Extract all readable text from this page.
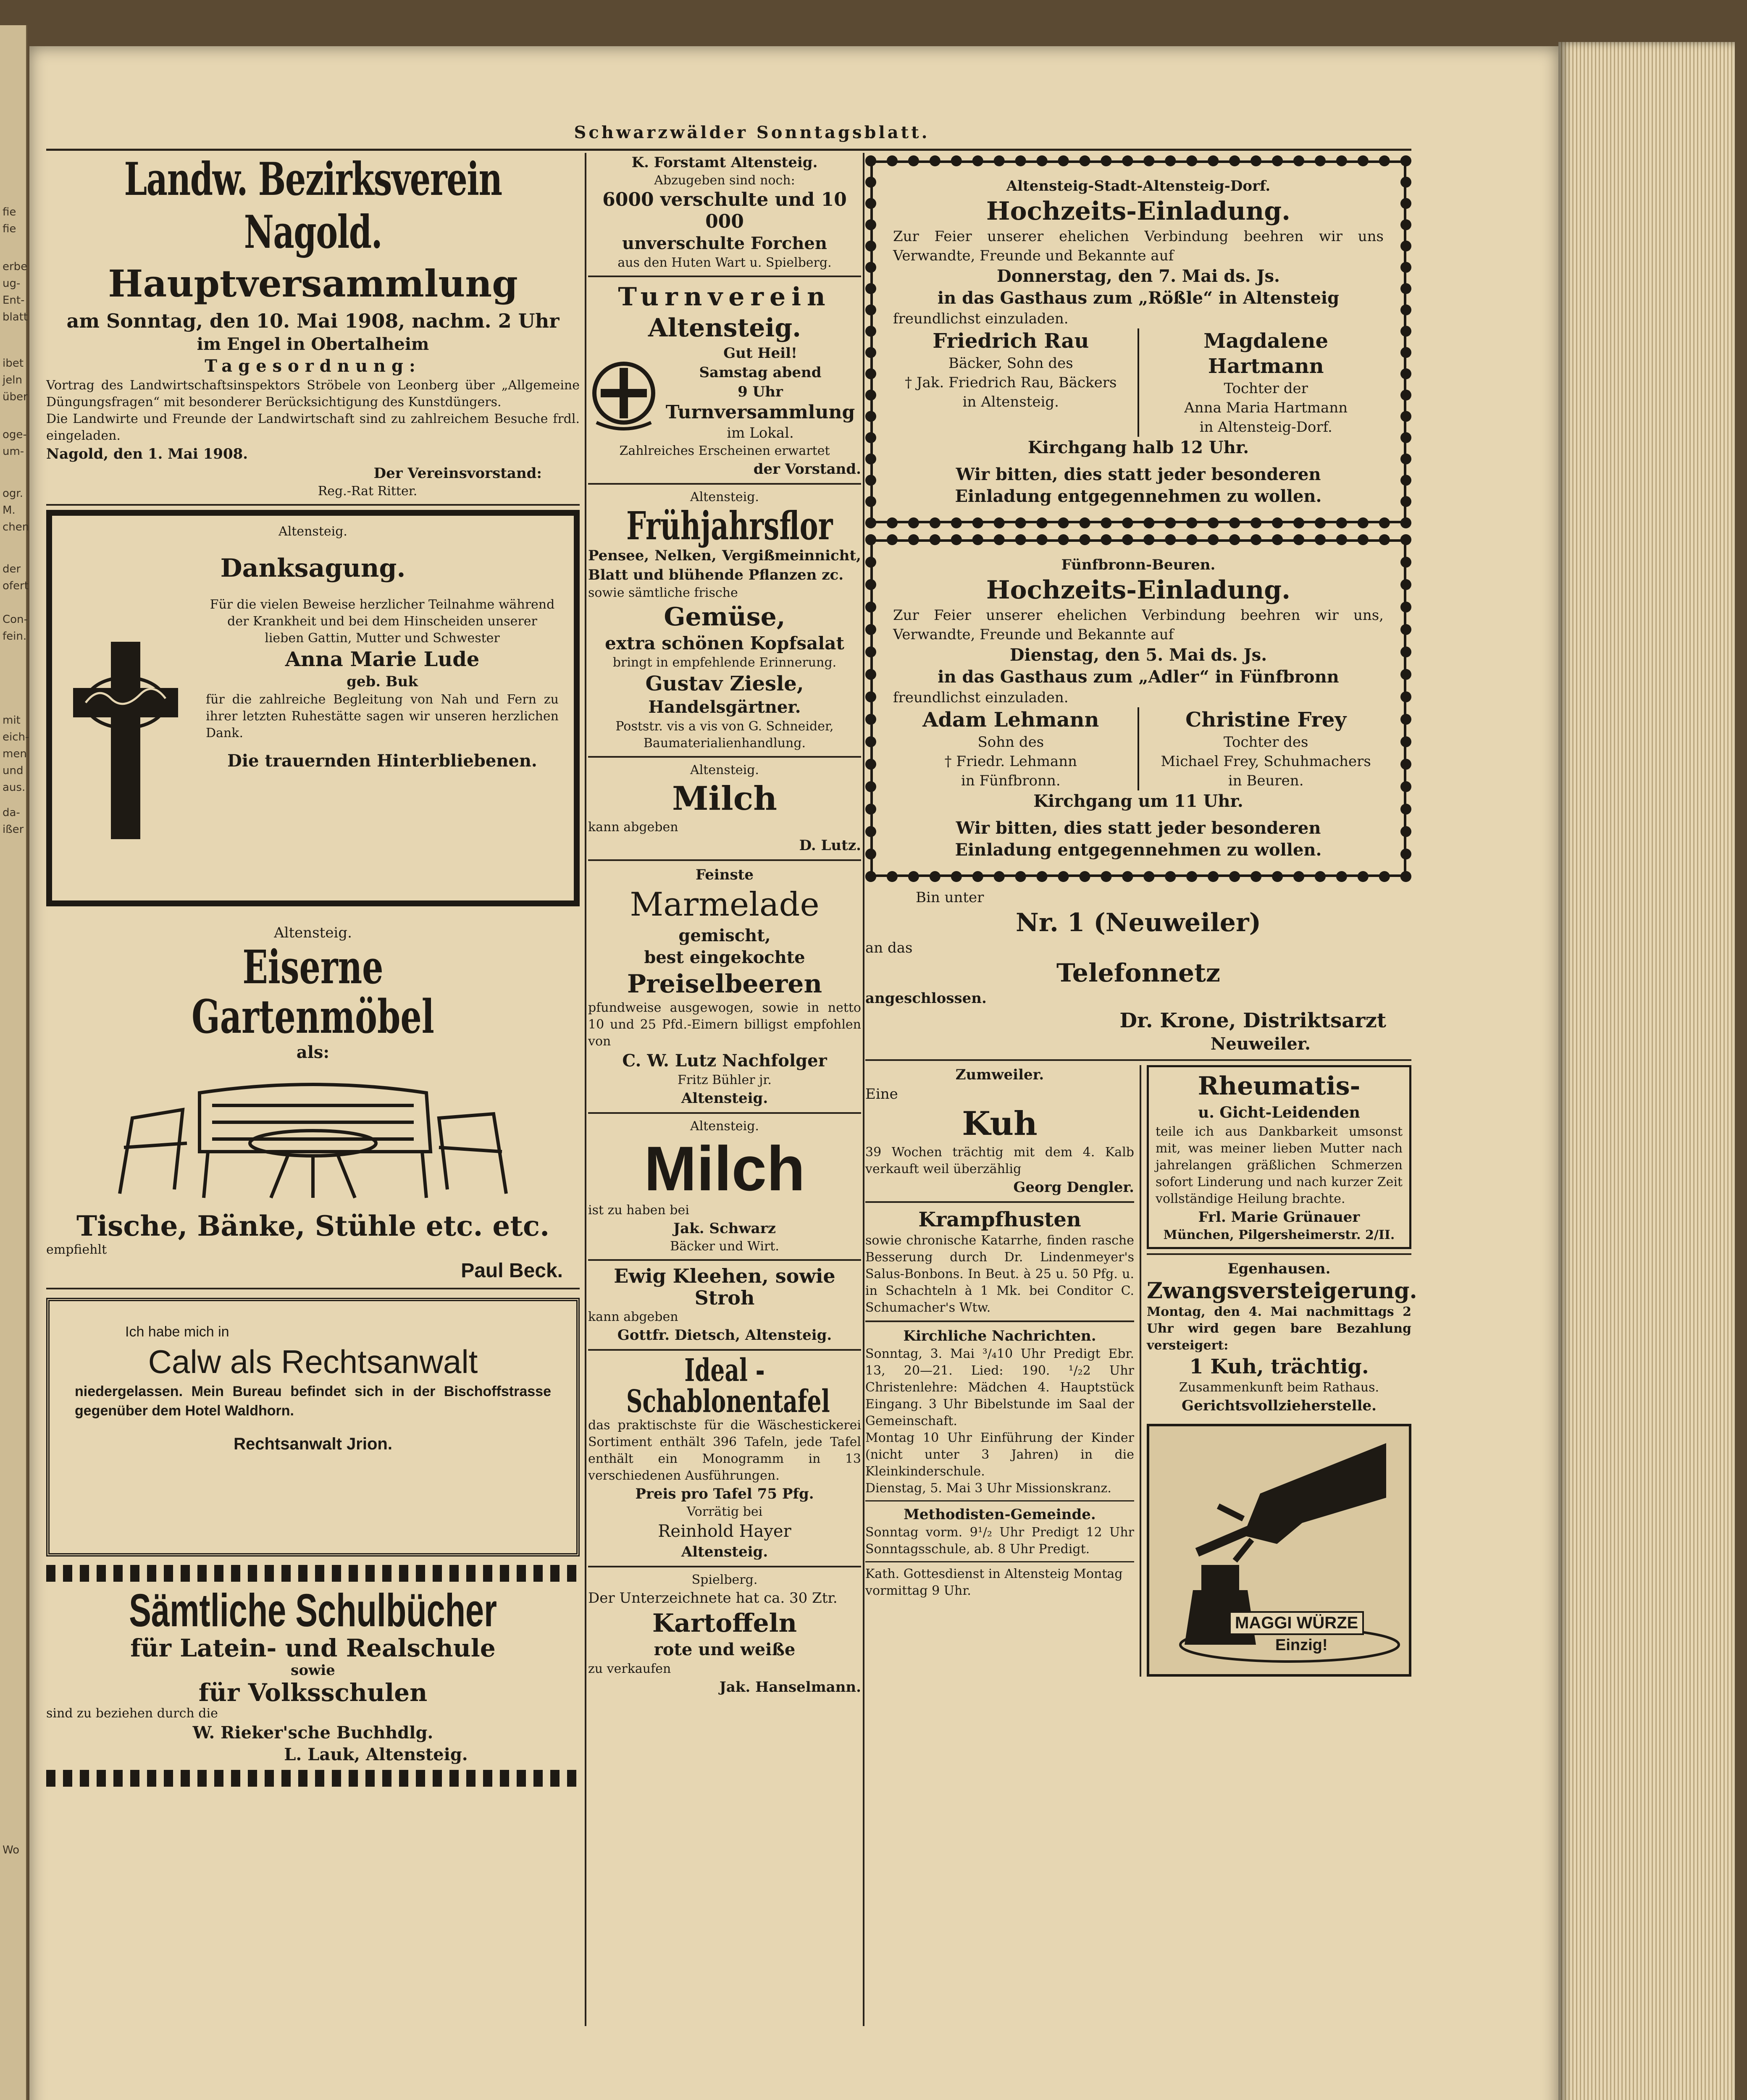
fie
fie
erbe
ug-
Ent-
blatt
ibet
jeln
über
oge-
um-
ogr.
M.
chen
der
ofert
Con-
fein.
mit
eich-
men
und
aus.
da-
ißer
Wo
Schwarzwälder Sonntagsblatt.
Landw. Bezirksverein Nagold.
Hauptversammlung
am Sonntag, den 10. Mai 1908, nachm. 2 Uhr
im Engel in Obertalheim
Tagesordnung:
Vortrag des Landwirtschaftsinspektors Ströbele von Leonberg über „Allgemeine Düngungsfragen“ mit besonderer Berücksichtigung des Kunstdüngers.
Die Landwirte und Freunde der Landwirtschaft sind zu zahlreichem Besuche frdl. eingeladen.
Nagold, den 1. Mai 1908.
Der Vereinsvorstand:
Reg.-Rat Ritter.
Altensteig.
Danksagung.
Für die vielen Beweise herzlicher Teilnahme während der Krankheit und bei dem Hinscheiden unserer lieben Gattin, Mutter und Schwester
Anna Marie Lude
geb. Buk
für die zahlreiche Begleitung von Nah und Fern zu ihrer letzten Ruhestätte sagen wir unseren herzlichen Dank.
Die trauernden Hinterbliebenen.
Altensteig.
Eiserne Gartenmöbel
als:
Tische, Bänke, Stühle etc. etc.
empfiehlt
Paul Beck.
Ich habe mich in
Calw als Rechtsanwalt
niedergelassen. Mein Bureau befindet sich in der Bischoffstrasse gegenüber dem Hotel Waldhorn.
Rechtsanwalt Jrion.
Sämtliche Schulbücher
für Latein- und Realschule
sowie
für Volksschulen
sind zu beziehen durch die
W. Rieker'sche Buchhdlg.
L. Lauk, Altensteig.
K. Forstamt Altensteig.
Abzugeben sind noch:
6000 verschulte und 10 000
unverschulte Forchen
aus den Huten Wart u. Spielberg.
Turnverein
Altensteig.
Gut Heil!
Samstag abend
9 Uhr
Turnversammlung
im Lokal.
Zahlreiches Erscheinen erwartet
der Vorstand.
Altensteig.
Frühjahrsflor
Pensee, Nelken, Vergißmeinnicht, Blatt und blühende Pflanzen zc.
sowie sämtliche frische
Gemüse,
extra schönen Kopfsalat
bringt in empfehlende Erinnerung.
Gustav Ziesle,
Handelsgärtner.
Poststr. vis a vis von G. Schneider,
Baumaterialienhandlung.
Altensteig.
Milch
kann abgeben
D. Lutz.
Feinste
Marmelade
gemischt,
best eingekochte
Preiselbeeren
pfundweise ausgewogen, sowie in netto 10 und 25 Pfd.-Eimern billigst empfohlen von
C. W. Lutz Nachfolger
Fritz Bühler jr.
Altensteig.
Altensteig.
Milch
ist zu haben bei
Jak. Schwarz
Bäcker und Wirt.
Ewig Kleehen, sowie
Stroh
kann abgeben
Gottfr. Dietsch, Altensteig.
Ideal - Schablonentafel
das praktischste für die Wäschestickerei Sortiment enthält 396 Tafeln, jede Tafel enthält ein Monogramm in 13 verschiedenen Ausführungen.
Preis pro Tafel 75 Pfg.
Vorrätig bei
Reinhold Hayer
Altensteig.
Spielberg.
Der Unterzeichnete hat ca. 30 Ztr.
Kartoffeln
rote und weiße
zu verkaufen
Jak. Hanselmann.
Altensteig-Stadt-Altensteig-Dorf.
Hochzeits-Einladung.
Zur Feier unserer ehelichen Verbindung beehren wir uns Verwandte, Freunde und Bekannte auf
Donnerstag, den 7. Mai ds. Js.
in das Gasthaus zum „Rößle“ in Altensteig
freundlichst einzuladen.
Friedrich Rau
Bäcker, Sohn des
† Jak. Friedrich Rau, Bäckers
in Altensteig.
Magdalene Hartmann
Tochter der
Anna Maria Hartmann
in Altensteig-Dorf.
Kirchgang halb 12 Uhr.
Wir bitten, dies statt jeder besonderen
Einladung entgegennehmen zu wollen.
Fünfbronn-Beuren.
Hochzeits-Einladung.
Zur Feier unserer ehelichen Verbindung beehren wir uns, Verwandte, Freunde und Bekannte auf
Dienstag, den 5. Mai ds. Js.
in das Gasthaus zum „Adler“ in Fünfbronn
freundlichst einzuladen.
Adam Lehmann
Sohn des
† Friedr. Lehmann
in Fünfbronn.
Christine Frey
Tochter des
Michael Frey, Schuhmachers
in Beuren.
Kirchgang um 11 Uhr.
Wir bitten, dies statt jeder besonderen
Einladung entgegennehmen zu wollen.
Bin unter
Nr. 1 (Neuweiler)
an das
Telefonnetz
angeschlossen.
Dr. Krone, Distriktsarzt
Neuweiler.
Zumweiler.
Eine
Kuh
39 Wochen trächtig mit dem 4. Kalb verkauft weil überzählig
Georg Dengler.
Krampfhusten
sowie chronische Katarrhe, finden rasche Besserung durch Dr. Lindenmeyer's Salus-Bonbons. In Beut. à 25 u. 50 Pfg. u. in Schachteln à 1 Mk. bei Conditor C. Schumacher's Wtw.
Kirchliche Nachrichten.
Sonntag, 3. Mai ³/₄10 Uhr Predigt Ebr. 13, 20—21. Lied: 190. ¹/₂2 Uhr Christenlehre: Mädchen 4. Hauptstück Eingang. 3 Uhr Bibelstunde im Saal der Gemeinschaft.
Montag 10 Uhr Einführung der Kinder (nicht unter 3 Jahren) in die Kleinkinderschule.
Dienstag, 5. Mai 3 Uhr Missionskranz.
Methodisten-Gemeinde.
Sonntag vorm. 9¹/₂ Uhr Predigt 12 Uhr Sonntagsschule, ab. 8 Uhr Predigt.
Kath. Gottesdienst in Altensteig Montag vormittag 9 Uhr.
Rheumatis-
u. Gicht-Leidenden
teile ich aus Dankbarkeit umsonst mit, was meiner lieben Mutter nach jahrelangen gräßlichen Schmerzen sofort Linderung und nach kurzer Zeit vollständige Heilung brachte.
Frl. Marie Grünauer
München, Pilgersheimerstr. 2/II.
Egenhausen.
Zwangsversteigerung.
Montag, den 4. Mai nachmittags 2 Uhr wird gegen bare Bezahlung versteigert:
1 Kuh, trächtig.
Zusammenkunft beim Rathaus.
Gerichtsvollzieherstelle.
MAGGI WÜRZE
Einzig!
